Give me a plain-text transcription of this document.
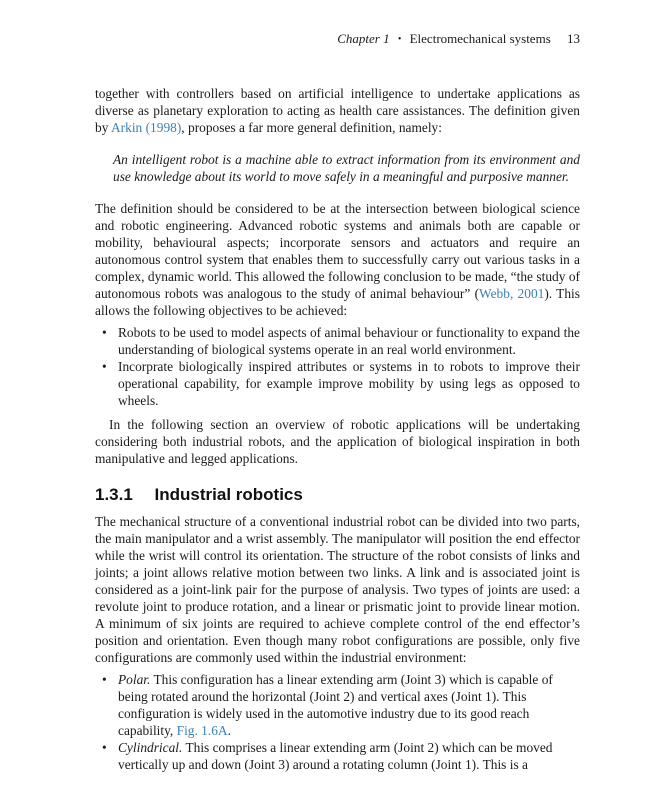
Chapter 1 • Electromechanical systems 13

together with controllers based on artificial intelligence to undertake applications as diverse as planetary exploration to acting as health care assistances. The definition given by Arkin (1998), proposes a far more general definition, namely:

An intelligent robot is a machine able to extract information from its environment and use knowledge about its world to move safely in a meaningful and purposive manner.

The definition should be considered to be at the intersection between biological science and robotic engineering. Advanced robotic systems and animals both are capable or mobility, behavioural aspects; incorporate sensors and actuators and require an autonomous control system that enables them to successfully carry out various tasks in a complex, dynamic world. This allowed the following conclusion to be made, “the study of autonomous robots was analogous to the study of animal behaviour” (Webb, 2001). This allows the following objectives to be achieved:

• Robots to be used to model aspects of animal behaviour or functionality to expand the understanding of biological systems operate in an real world environment.
• Incorprate biologically inspired attributes or systems in to robots to improve their operational capability, for example improve mobility by using legs as opposed to wheels.

In the following section an overview of robotic applications will be undertaking considering both industrial robots, and the application of biological inspiration in both manipulative and legged applications.

1.3.1 Industrial robotics

The mechanical structure of a conventional industrial robot can be divided into two parts, the main manipulator and a wrist assembly. The manipulator will position the end effector while the wrist will control its orientation. The structure of the robot consists of links and joints; a joint allows relative motion between two links. A link and is associated joint is considered as a joint-link pair for the purpose of analysis. Two types of joints are used: a revolute joint to produce rotation, and a linear or prismatic joint to provide linear motion. A minimum of six joints are required to achieve complete control of the end effector’s position and orientation. Even though many robot configurations are possible, only five configurations are commonly used within the industrial environment:

• Polar. This configuration has a linear extending arm (Joint 3) which is capable of being rotated around the horizontal (Joint 2) and vertical axes (Joint 1). This configuration is widely used in the automotive industry due to its good reach capability, Fig. 1.6A.
• Cylindrical. This comprises a linear extending arm (Joint 2) which can be moved vertically up and down (Joint 3) around a rotating column (Joint 1). This is a
